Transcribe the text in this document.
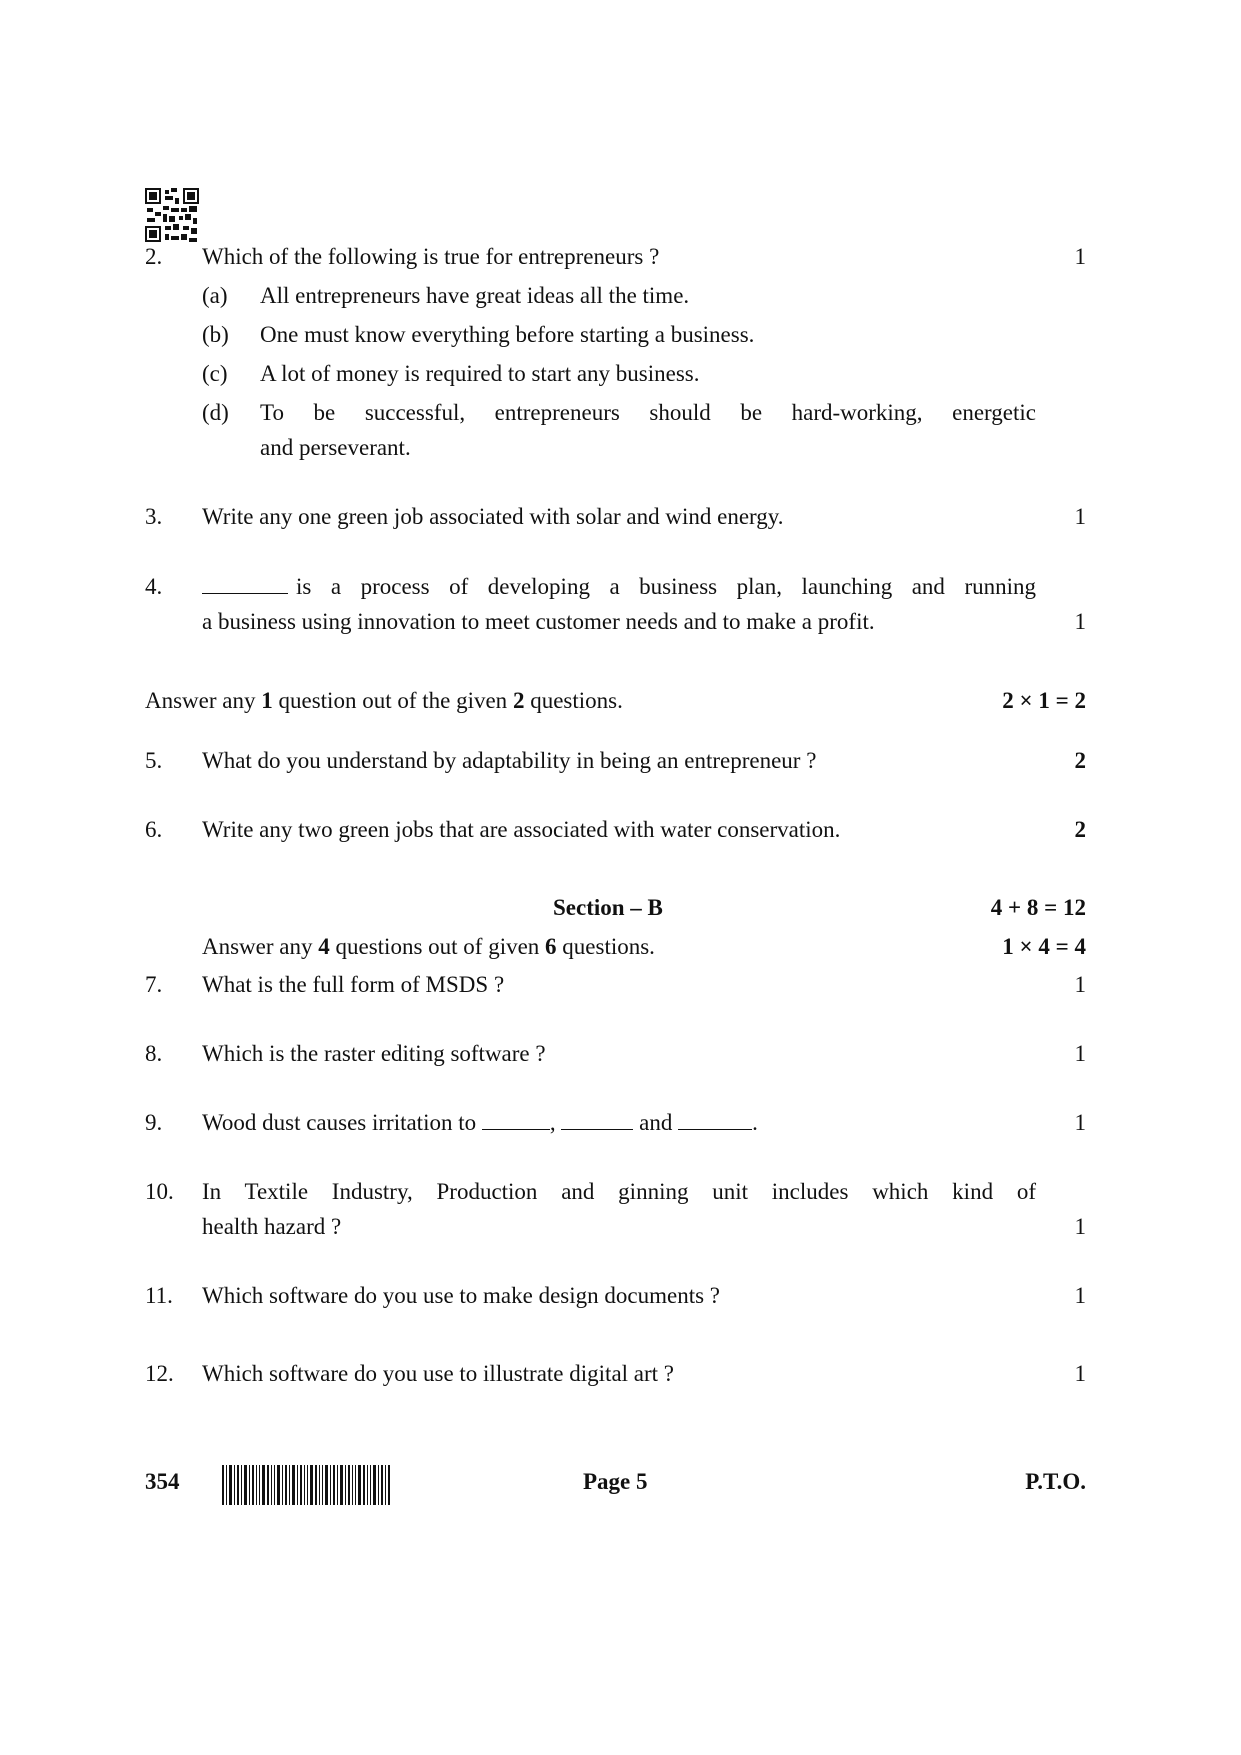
2. Which of the following is true for entrepreneurs ?	1
(a) All entrepreneurs have great ideas all the time.
(b) One must know everything before starting a business.
(c) A lot of money is required to start any business.
(d) To be successful, entrepreneurs should be hard-working, energetic
and perseverant.
3. Write any one green job associated with solar and wind energy.	1
4.	is a process of developing a business plan, launching and running
a business using innovation to meet customer needs and to make a profit.	1
Answer any 1 question out of the given 2 questions.	2 × 1 = 2
5. What do you understand by adaptability in being an entrepreneur ?	2
6. Write any two green jobs that are associated with water conservation.	2
Section – B	4 + 8 = 12
Answer any 4 questions out of given 6 questions.	1 × 4 = 4
7. What is the full form of MSDS ?	1
8. Which is the raster editing software ?	1
9. Wood dust causes irritation to	,	and	.	1
10. In Textile Industry, Production and ginning unit includes which kind of
health hazard ?	1
11. Which software do you use to make design documents ?	1
12. Which software do you use to illustrate digital art ?	1
354	Page 5	P.T.O.
